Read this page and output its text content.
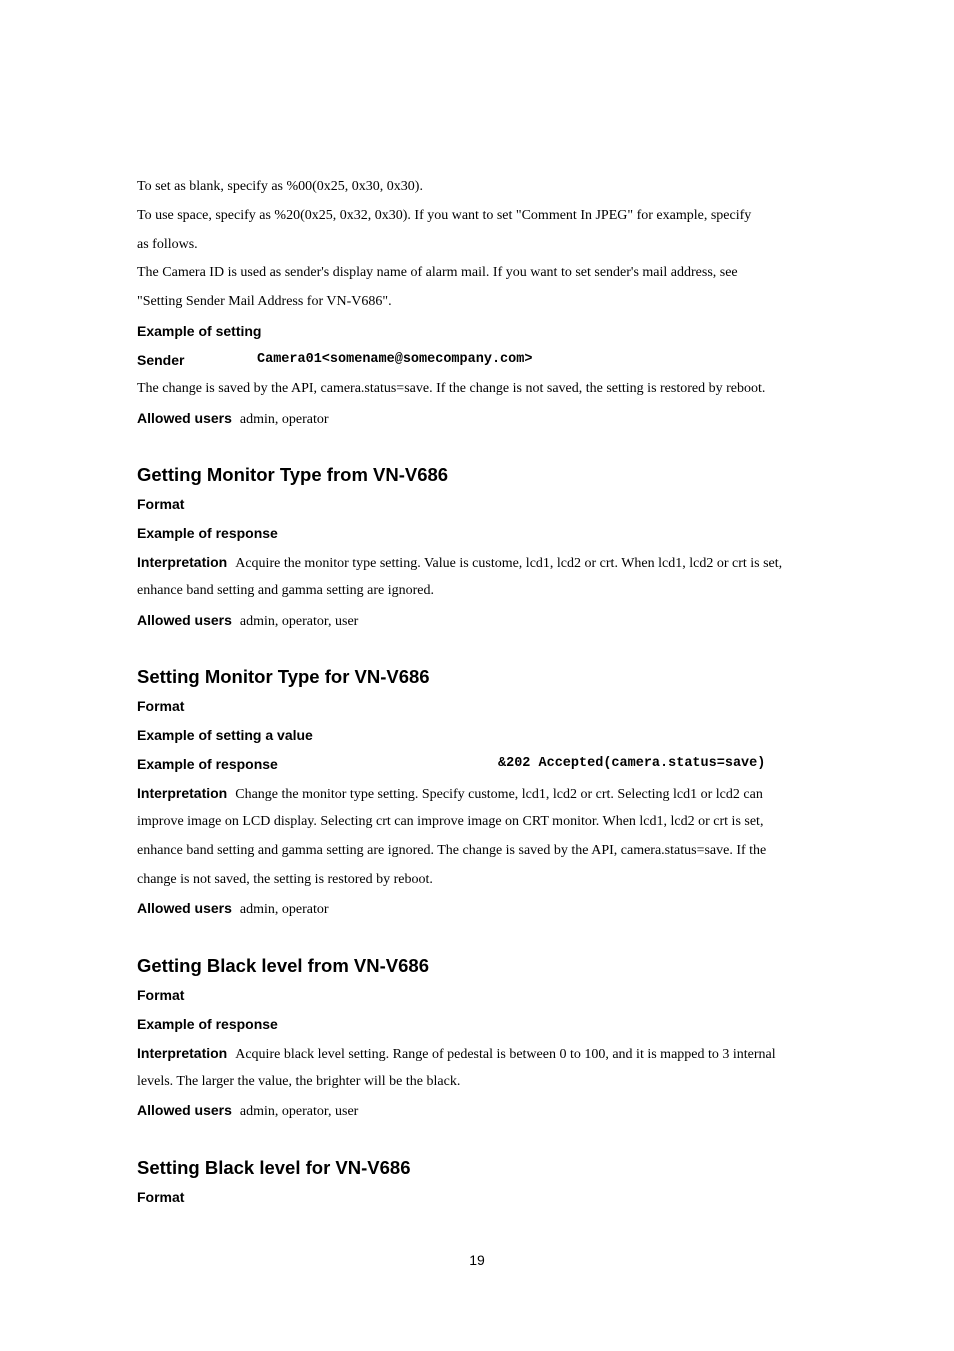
To set as blank, specify as %00(0x25, 0x30, 0x30).
To use space, specify as %20(0x25, 0x32, 0x30). If you want to set "Comment In JPEG" for example, specify
as follows.
The Camera ID is used as sender's display name of alarm mail. If you want to set sender's mail address, see
"Setting Sender Mail Address for VN-V686".
Example of setting
Sender	Camera01<somename@somecompany.com>
The change is saved by the API, camera.status=save. If the change is not saved, the setting is restored by reboot.
Allowed users admin, operator
Getting Monitor Type from VN-V686
Format
Example of response
Interpretation Acquire the monitor type setting. Value is custome, lcd1, lcd2 or crt. When lcd1, lcd2 or crt is set,
enhance band setting and gamma setting are ignored.
Allowed users admin, operator, user
Setting Monitor Type for VN-V686
Format
Example of setting a value
Example of response	&202 Accepted(camera.status=save)
Interpretation Change the monitor type setting. Specify custome, lcd1, lcd2 or crt. Selecting lcd1 or lcd2 can
improve image on LCD display. Selecting crt can improve image on CRT monitor. When lcd1, lcd2 or crt is set,
enhance band setting and gamma setting are ignored. The change is saved by the API, camera.status=save. If the
change is not saved, the setting is restored by reboot.
Allowed users admin, operator
Getting Black level from VN-V686
Format
Example of response
Interpretation Acquire black level setting. Range of pedestal is between 0 to 100, and it is mapped to 3 internal
levels. The larger the value, the brighter will be the black.
Allowed users admin, operator, user
Setting Black level for VN-V686
Format
19
